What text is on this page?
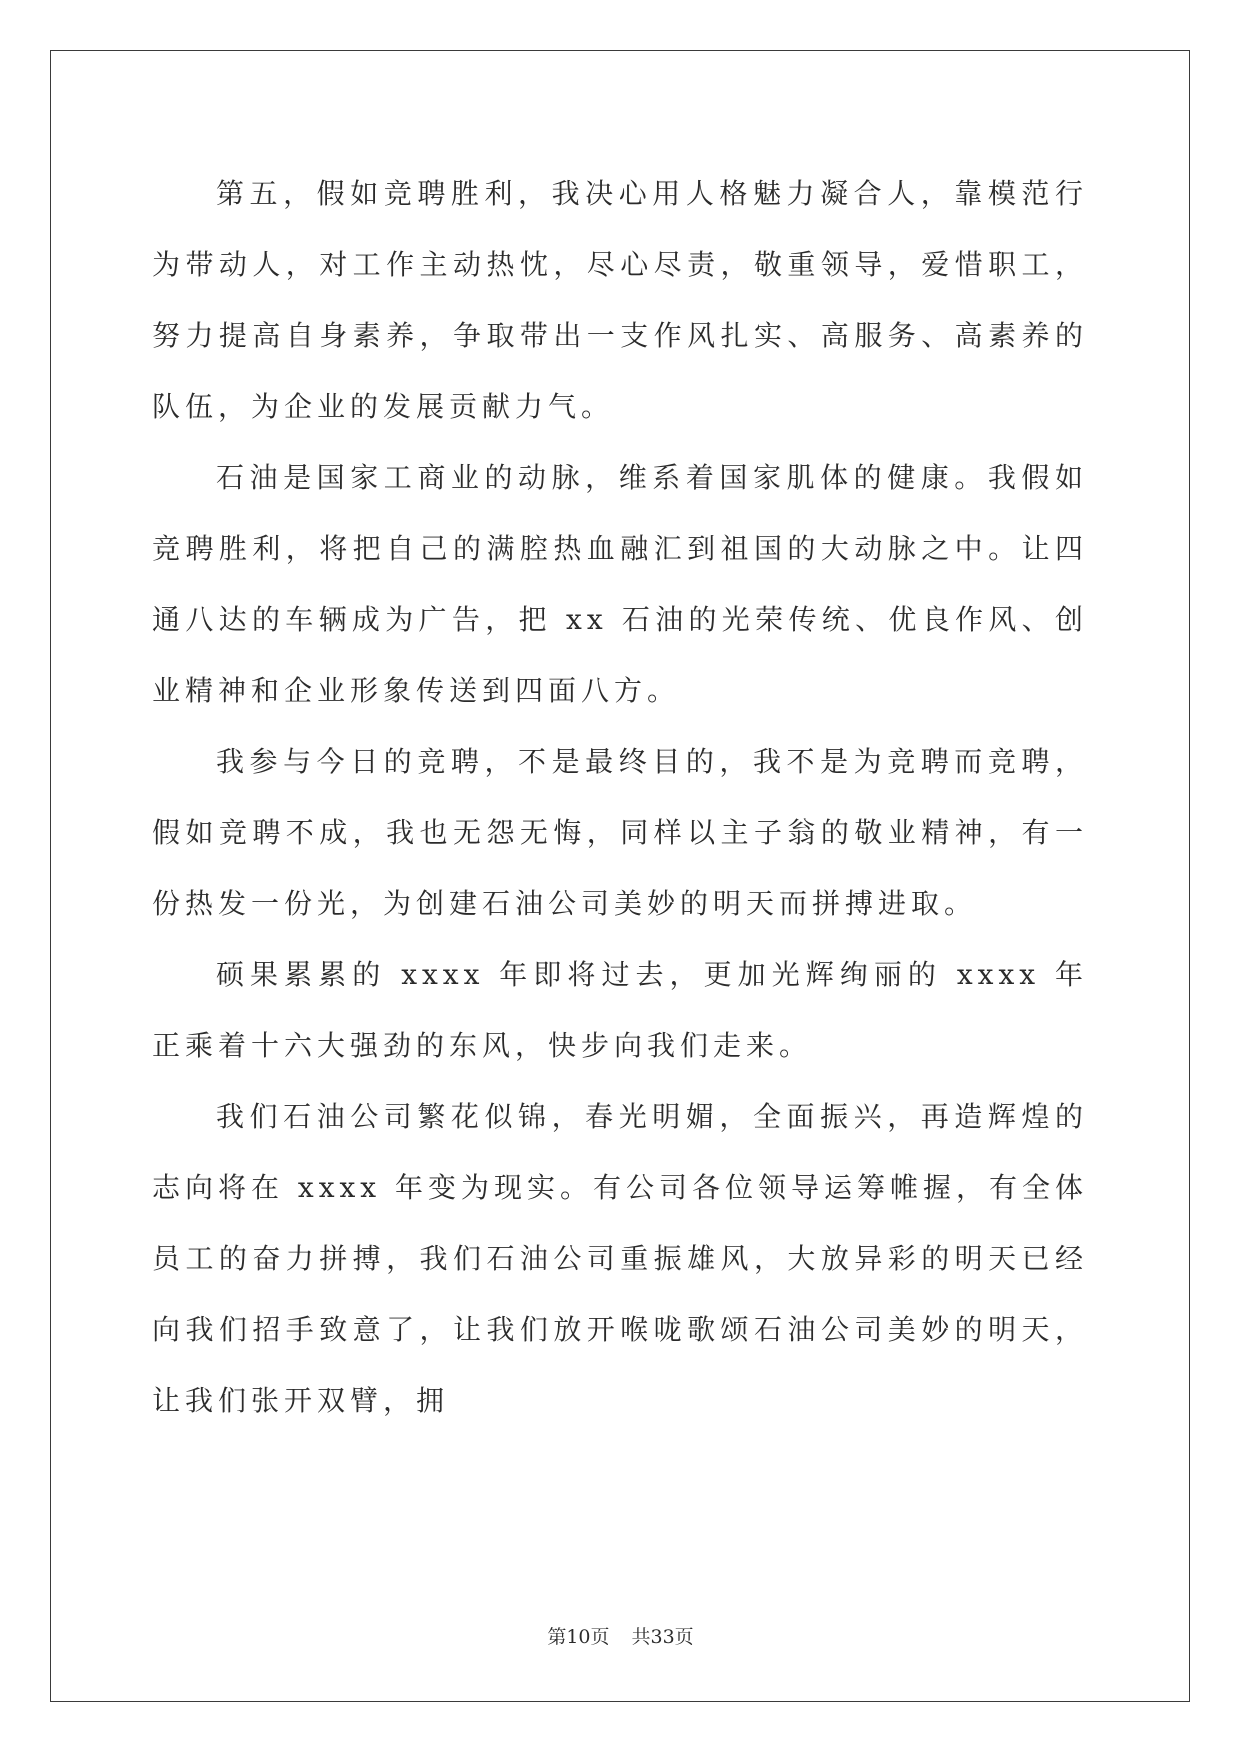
第五，假如竞聘胜利，我决心用人格魅力凝合人，靠模范行为带动人，对工作主动热忱，尽心尽责，敬重领导，爱惜职工，努力提高自身素养，争取带出一支作风扎实、高服务、高素养的队伍，为企业的发展贡献力气。

石油是国家工商业的动脉，维系着国家肌体的健康。我假如竞聘胜利，将把自己的满腔热血融汇到祖国的大动脉之中。让四通八达的车辆成为广告，把 xx 石油的光荣传统、优良作风、创业精神和企业形象传送到四面八方。

我参与今日的竞聘，不是最终目的，我不是为竞聘而竞聘，假如竞聘不成，我也无怨无悔，同样以主子翁的敬业精神，有一份热发一份光，为创建石油公司美妙的明天而拼搏进取。

硕果累累的 xxxx 年即将过去，更加光辉绚丽的 xxxx 年正乘着十六大强劲的东风，快步向我们走来。

我们石油公司繁花似锦，春光明媚，全面振兴，再造辉煌的志向将在 xxxx 年变为现实。有公司各位领导运筹帷握，有全体员工的奋力拼搏，我们石油公司重振雄风，大放异彩的明天已经向我们招手致意了，让我们放开喉咙歌颂石油公司美妙的明天，让我们张开双臂，拥

第10页 共33页
